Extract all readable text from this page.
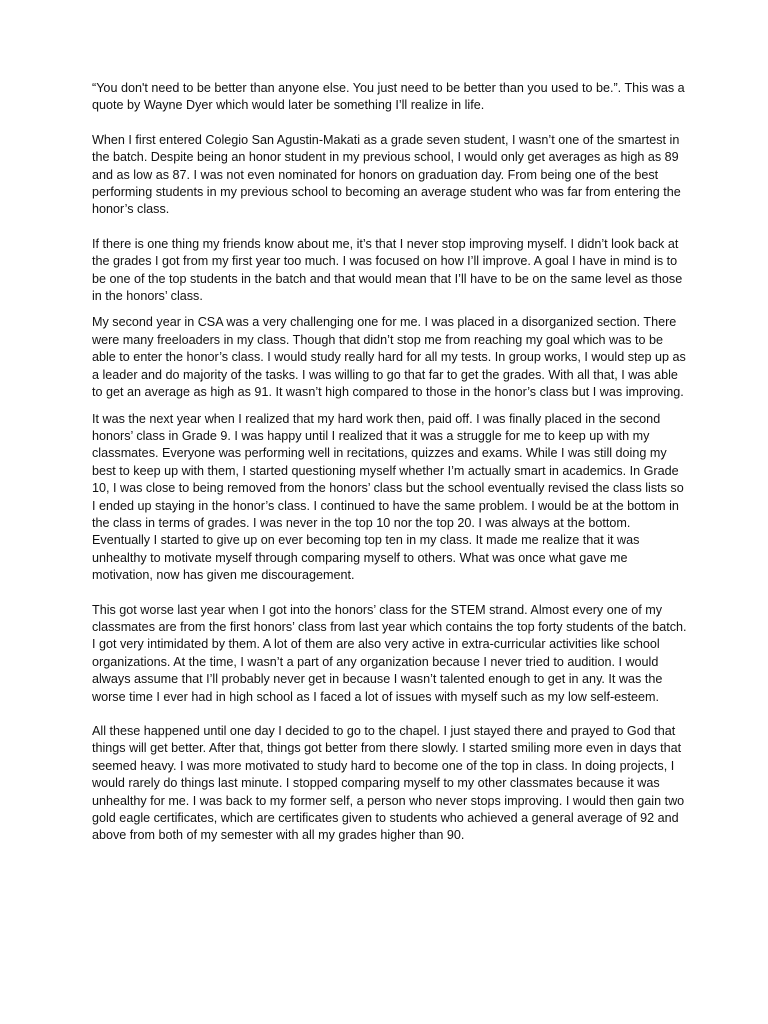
“You don't need to be better than anyone else. You just need to be better than you used to be.”. This was a quote by Wayne Dyer which would later be something I’ll realize in life.

When I first entered Colegio San Agustin-Makati as a grade seven student, I wasn’t one of the smartest in the batch. Despite being an honor student in my previous school, I would only get averages as high as 89 and as low as 87. I was not even nominated for honors on graduation day. From being one of the best performing students in my previous school to becoming an average student who was far from entering the honor’s class.

If there is one thing my friends know about me, it’s that I never stop improving myself. I didn’t look back at the grades I got from my first year too much. I was focused on how I’ll improve. A goal I have in mind is to be one of the top students in the batch and that would mean that I’ll have to be on the same level as those in the honors’ class.

My second year in CSA was a very challenging one for me. I was placed in a disorganized section. There were many freeloaders in my class. Though that didn’t stop me from reaching my goal which was to be able to enter the honor’s class. I would study really hard for all my tests. In group works, I would step up as a leader and do majority of the tasks. I was willing to go that far to get the grades. With all that, I was able to get an average as high as 91. It wasn’t high compared to those in the honor’s class but I was improving.

It was the next year when I realized that my hard work then, paid off. I was finally placed in the second honors’ class in Grade 9. I was happy until I realized that it was a struggle for me to keep up with my classmates. Everyone was performing well in recitations, quizzes and exams. While I was still doing my best to keep up with them, I started questioning myself whether I’m actually smart in academics. In Grade 10, I was close to being removed from the honors’ class but the school eventually revised the class lists so I ended up staying in the honor’s class. I continued to have the same problem. I would be at the bottom in the class in terms of grades. I was never in the top 10 nor the top 20. I was always at the bottom. Eventually I started to give up on ever becoming top ten in my class. It made me realize that it was unhealthy to motivate myself through comparing myself to others. What was once what gave me motivation, now has given me discouragement.

This got worse last year when I got into the honors’ class for the STEM strand. Almost every one of my classmates are from the first honors’ class from last year which contains the top forty students of the batch. I got very intimidated by them. A lot of them are also very active in extra-curricular activities like school organizations. At the time, I wasn’t a part of any organization because I never tried to audition. I would always assume that I’ll probably never get in because I wasn’t talented enough to get in any. It was the worse time I ever had in high school as I faced a lot of issues with myself such as my low self-esteem.

All these happened until one day I decided to go to the chapel. I just stayed there and prayed to God that things will get better. After that, things got better from there slowly. I started smiling more even in days that seemed heavy. I was more motivated to study hard to become one of the top in class. In doing projects, I would rarely do things last minute. I stopped comparing myself to my other classmates because it was unhealthy for me. I was back to my former self, a person who never stops improving. I would then gain two gold eagle certificates, which are certificates given to students who achieved a general average of 92 and above from both of my semester with all my grades higher than 90.
